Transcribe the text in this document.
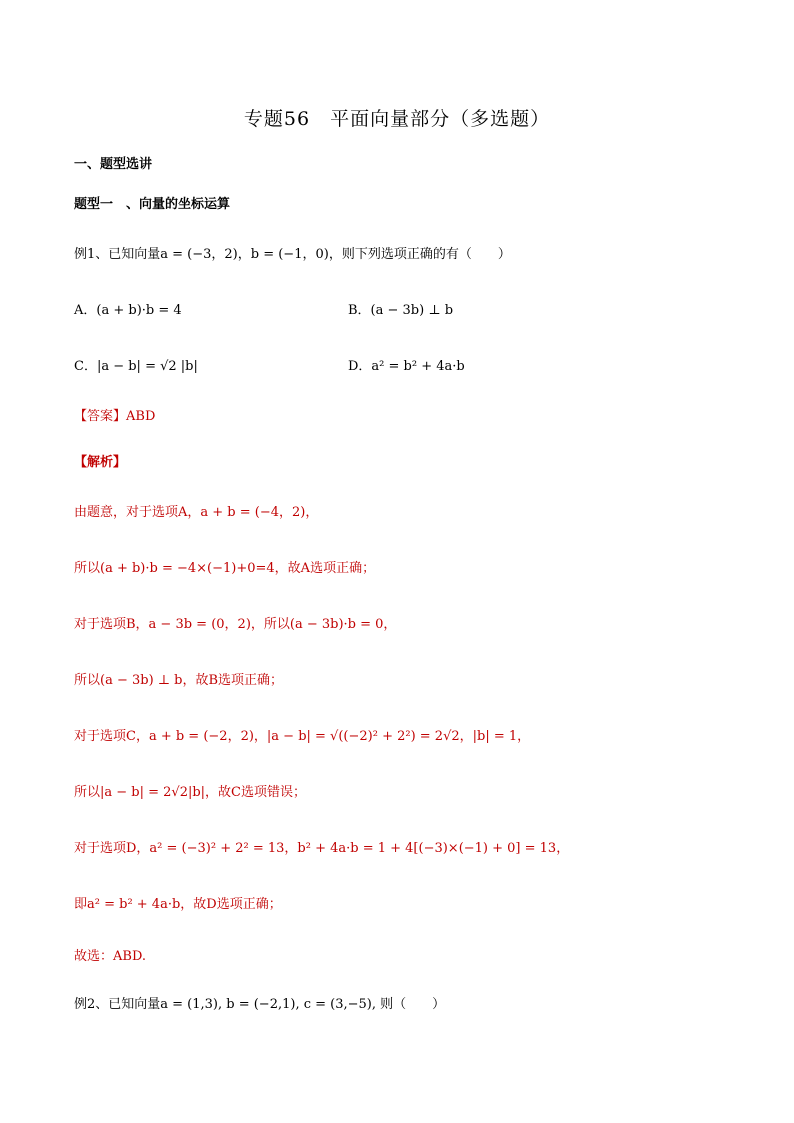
专题56　平面向量部分（多选题）
一、题型选讲
题型一　、向量的坐标运算
例1、已知向量a = (−3，2)，b = (−1，0)，则下列选项正确的有（　　）
A．(a + b)·b = 4	B．(a − 3b) ⊥ b
C．|a − b| = √2 |b|	D．a² = b² + 4a·b
【答案】ABD
【解析】
由题意，对于选项A，a + b = (−4，2)，
所以(a + b)·b = −4×(−1)+0=4，故A选项正确；
对于选项B，a − 3b = (0，2)，所以(a − 3b)·b = 0，
所以(a − 3b) ⊥ b，故B选项正确；
对于选项C，a + b = (−2，2)，|a − b| = √((−2)² + 2²) = 2√2，|b| = 1，
所以|a − b| = 2√2|b|，故C选项错误；
对于选项D，a² = (−3)² + 2² = 13，b² + 4a·b = 1 + 4[(−3)×(−1) + 0] = 13，
即a² = b² + 4a·b，故D选项正确；
故选：ABD.
例2、已知向量a = (1,3), b = (−2,1), c = (3,−5), 则（　　）
